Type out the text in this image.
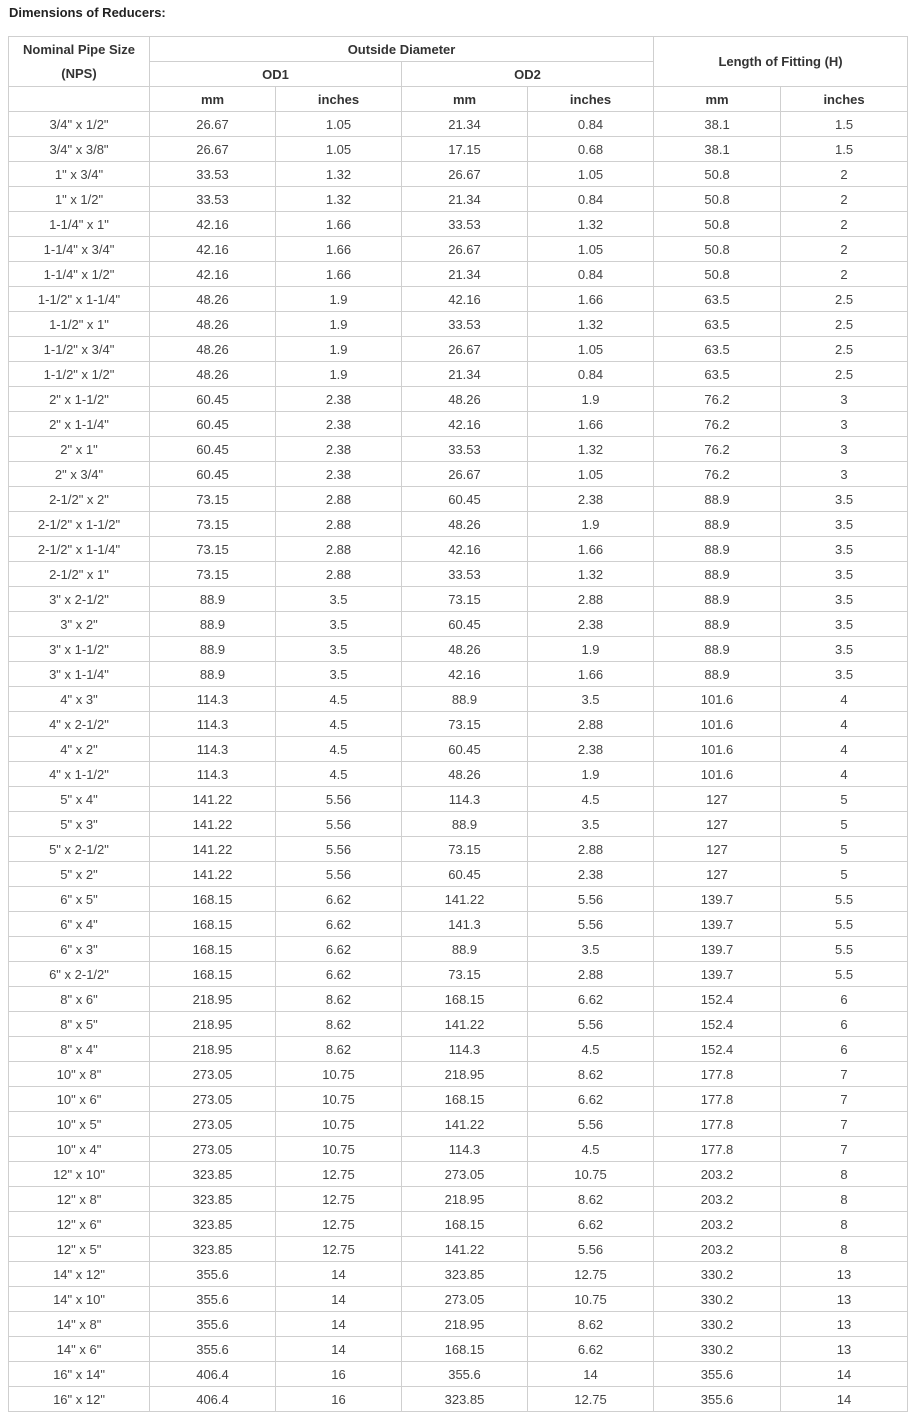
Dimensions of Reducers:
Nominal Pipe Size
(NPS)	Outside Diameter				Length of Fitting (H)	
	OD1		OD2			
	mm	inches	mm	inches	mm	inches
3/4" x 1/2"	26.67	1.05	21.34	0.84	38.1	1.5
3/4" x 3/8"	26.67	1.05	17.15	0.68	38.1	1.5
1" x 3/4"	33.53	1.32	26.67	1.05	50.8	2
1" x 1/2"	33.53	1.32	21.34	0.84	50.8	2
1-1/4" x 1"	42.16	1.66	33.53	1.32	50.8	2
1-1/4" x 3/4"	42.16	1.66	26.67	1.05	50.8	2
1-1/4" x 1/2"	42.16	1.66	21.34	0.84	50.8	2
1-1/2" x 1-1/4"	48.26	1.9	42.16	1.66	63.5	2.5
1-1/2" x 1"	48.26	1.9	33.53	1.32	63.5	2.5
1-1/2" x 3/4"	48.26	1.9	26.67	1.05	63.5	2.5
1-1/2" x 1/2"	48.26	1.9	21.34	0.84	63.5	2.5
2" x 1-1/2"	60.45	2.38	48.26	1.9	76.2	3
2" x 1-1/4"	60.45	2.38	42.16	1.66	76.2	3
2" x 1"	60.45	2.38	33.53	1.32	76.2	3
2" x 3/4"	60.45	2.38	26.67	1.05	76.2	3
2-1/2" x 2"	73.15	2.88	60.45	2.38	88.9	3.5
2-1/2" x 1-1/2"	73.15	2.88	48.26	1.9	88.9	3.5
2-1/2" x 1-1/4"	73.15	2.88	42.16	1.66	88.9	3.5
2-1/2" x 1"	73.15	2.88	33.53	1.32	88.9	3.5
3" x 2-1/2"	88.9	3.5	73.15	2.88	88.9	3.5
3" x 2"	88.9	3.5	60.45	2.38	88.9	3.5
3" x 1-1/2"	88.9	3.5	48.26	1.9	88.9	3.5
3" x 1-1/4"	88.9	3.5	42.16	1.66	88.9	3.5
4" x 3"	114.3	4.5	88.9	3.5	101.6	4
4" x 2-1/2"	114.3	4.5	73.15	2.88	101.6	4
4" x 2"	114.3	4.5	60.45	2.38	101.6	4
4" x 1-1/2"	114.3	4.5	48.26	1.9	101.6	4
5" x 4"	141.22	5.56	114.3	4.5	127	5
5" x 3"	141.22	5.56	88.9	3.5	127	5
5" x 2-1/2"	141.22	5.56	73.15	2.88	127	5
5" x 2"	141.22	5.56	60.45	2.38	127	5
6" x 5"	168.15	6.62	141.22	5.56	139.7	5.5
6" x 4"	168.15	6.62	141.3	5.56	139.7	5.5
6" x 3"	168.15	6.62	88.9	3.5	139.7	5.5
6" x 2-1/2"	168.15	6.62	73.15	2.88	139.7	5.5
8" x 6"	218.95	8.62	168.15	6.62	152.4	6
8" x 5"	218.95	8.62	141.22	5.56	152.4	6
8" x 4"	218.95	8.62	114.3	4.5	152.4	6
10" x 8"	273.05	10.75	218.95	8.62	177.8	7
10" x 6"	273.05	10.75	168.15	6.62	177.8	7
10" x 5"	273.05	10.75	141.22	5.56	177.8	7
10" x 4"	273.05	10.75	114.3	4.5	177.8	7
12" x 10"	323.85	12.75	273.05	10.75	203.2	8
12" x 8"	323.85	12.75	218.95	8.62	203.2	8
12" x 6"	323.85	12.75	168.15	6.62	203.2	8
12" x 5"	323.85	12.75	141.22	5.56	203.2	8
14" x 12"	355.6	14	323.85	12.75	330.2	13
14" x 10"	355.6	14	273.05	10.75	330.2	13
14" x 8"	355.6	14	218.95	8.62	330.2	13
14" x 6"	355.6	14	168.15	6.62	330.2	13
16" x 14"	406.4	16	355.6	14	355.6	14
16" x 12"	406.4	16	323.85	12.75	355.6	14
